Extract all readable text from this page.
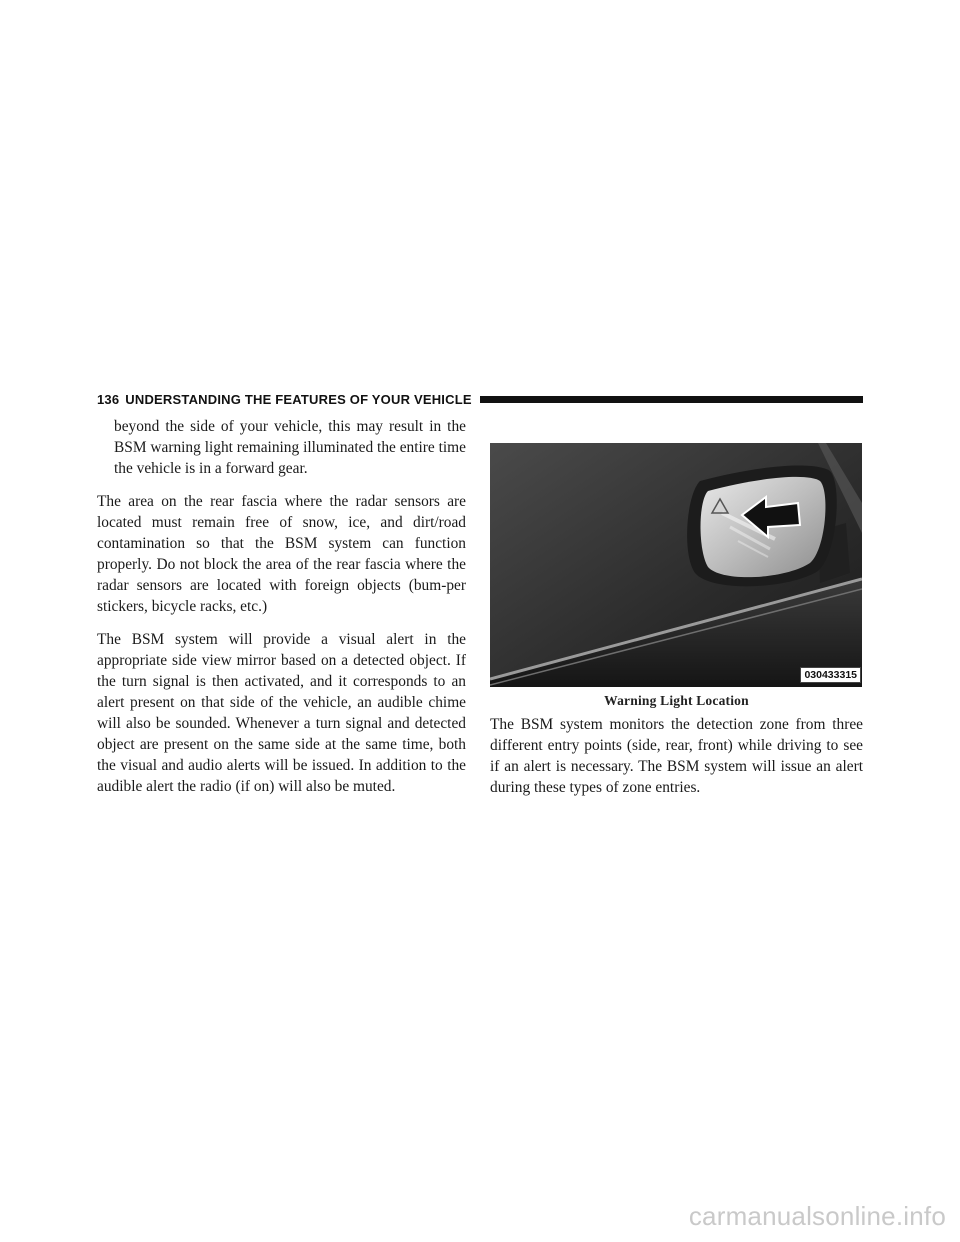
136 UNDERSTANDING THE FEATURES OF YOUR VEHICLE

beyond the side of your vehicle, this may result in the BSM warning light remaining illuminated the entire time the vehicle is in a forward gear.

The area on the rear fascia where the radar sensors are located must remain free of snow, ice, and dirt/road contamination so that the BSM system can function properly. Do not block the area of the rear fascia where the radar sensors are located with foreign objects (bum-per stickers, bicycle racks, etc.)

The BSM system will provide a visual alert in the appropriate side view mirror based on a detected object. If the turn signal is then activated, and it corresponds to an alert present on that side of the vehicle, an audible chime will also be sounded. Whenever a turn signal and detected object are present on the same side at the same time, both the visual and audio alerts will be issued. In addition to the audible alert the radio (if on) will also be muted.

030433315
Warning Light Location

The BSM system monitors the detection zone from three different entry points (side, rear, front) while driving to see if an alert is necessary. The BSM system will issue an alert during these types of zone entries.

carmanualsonline.info
